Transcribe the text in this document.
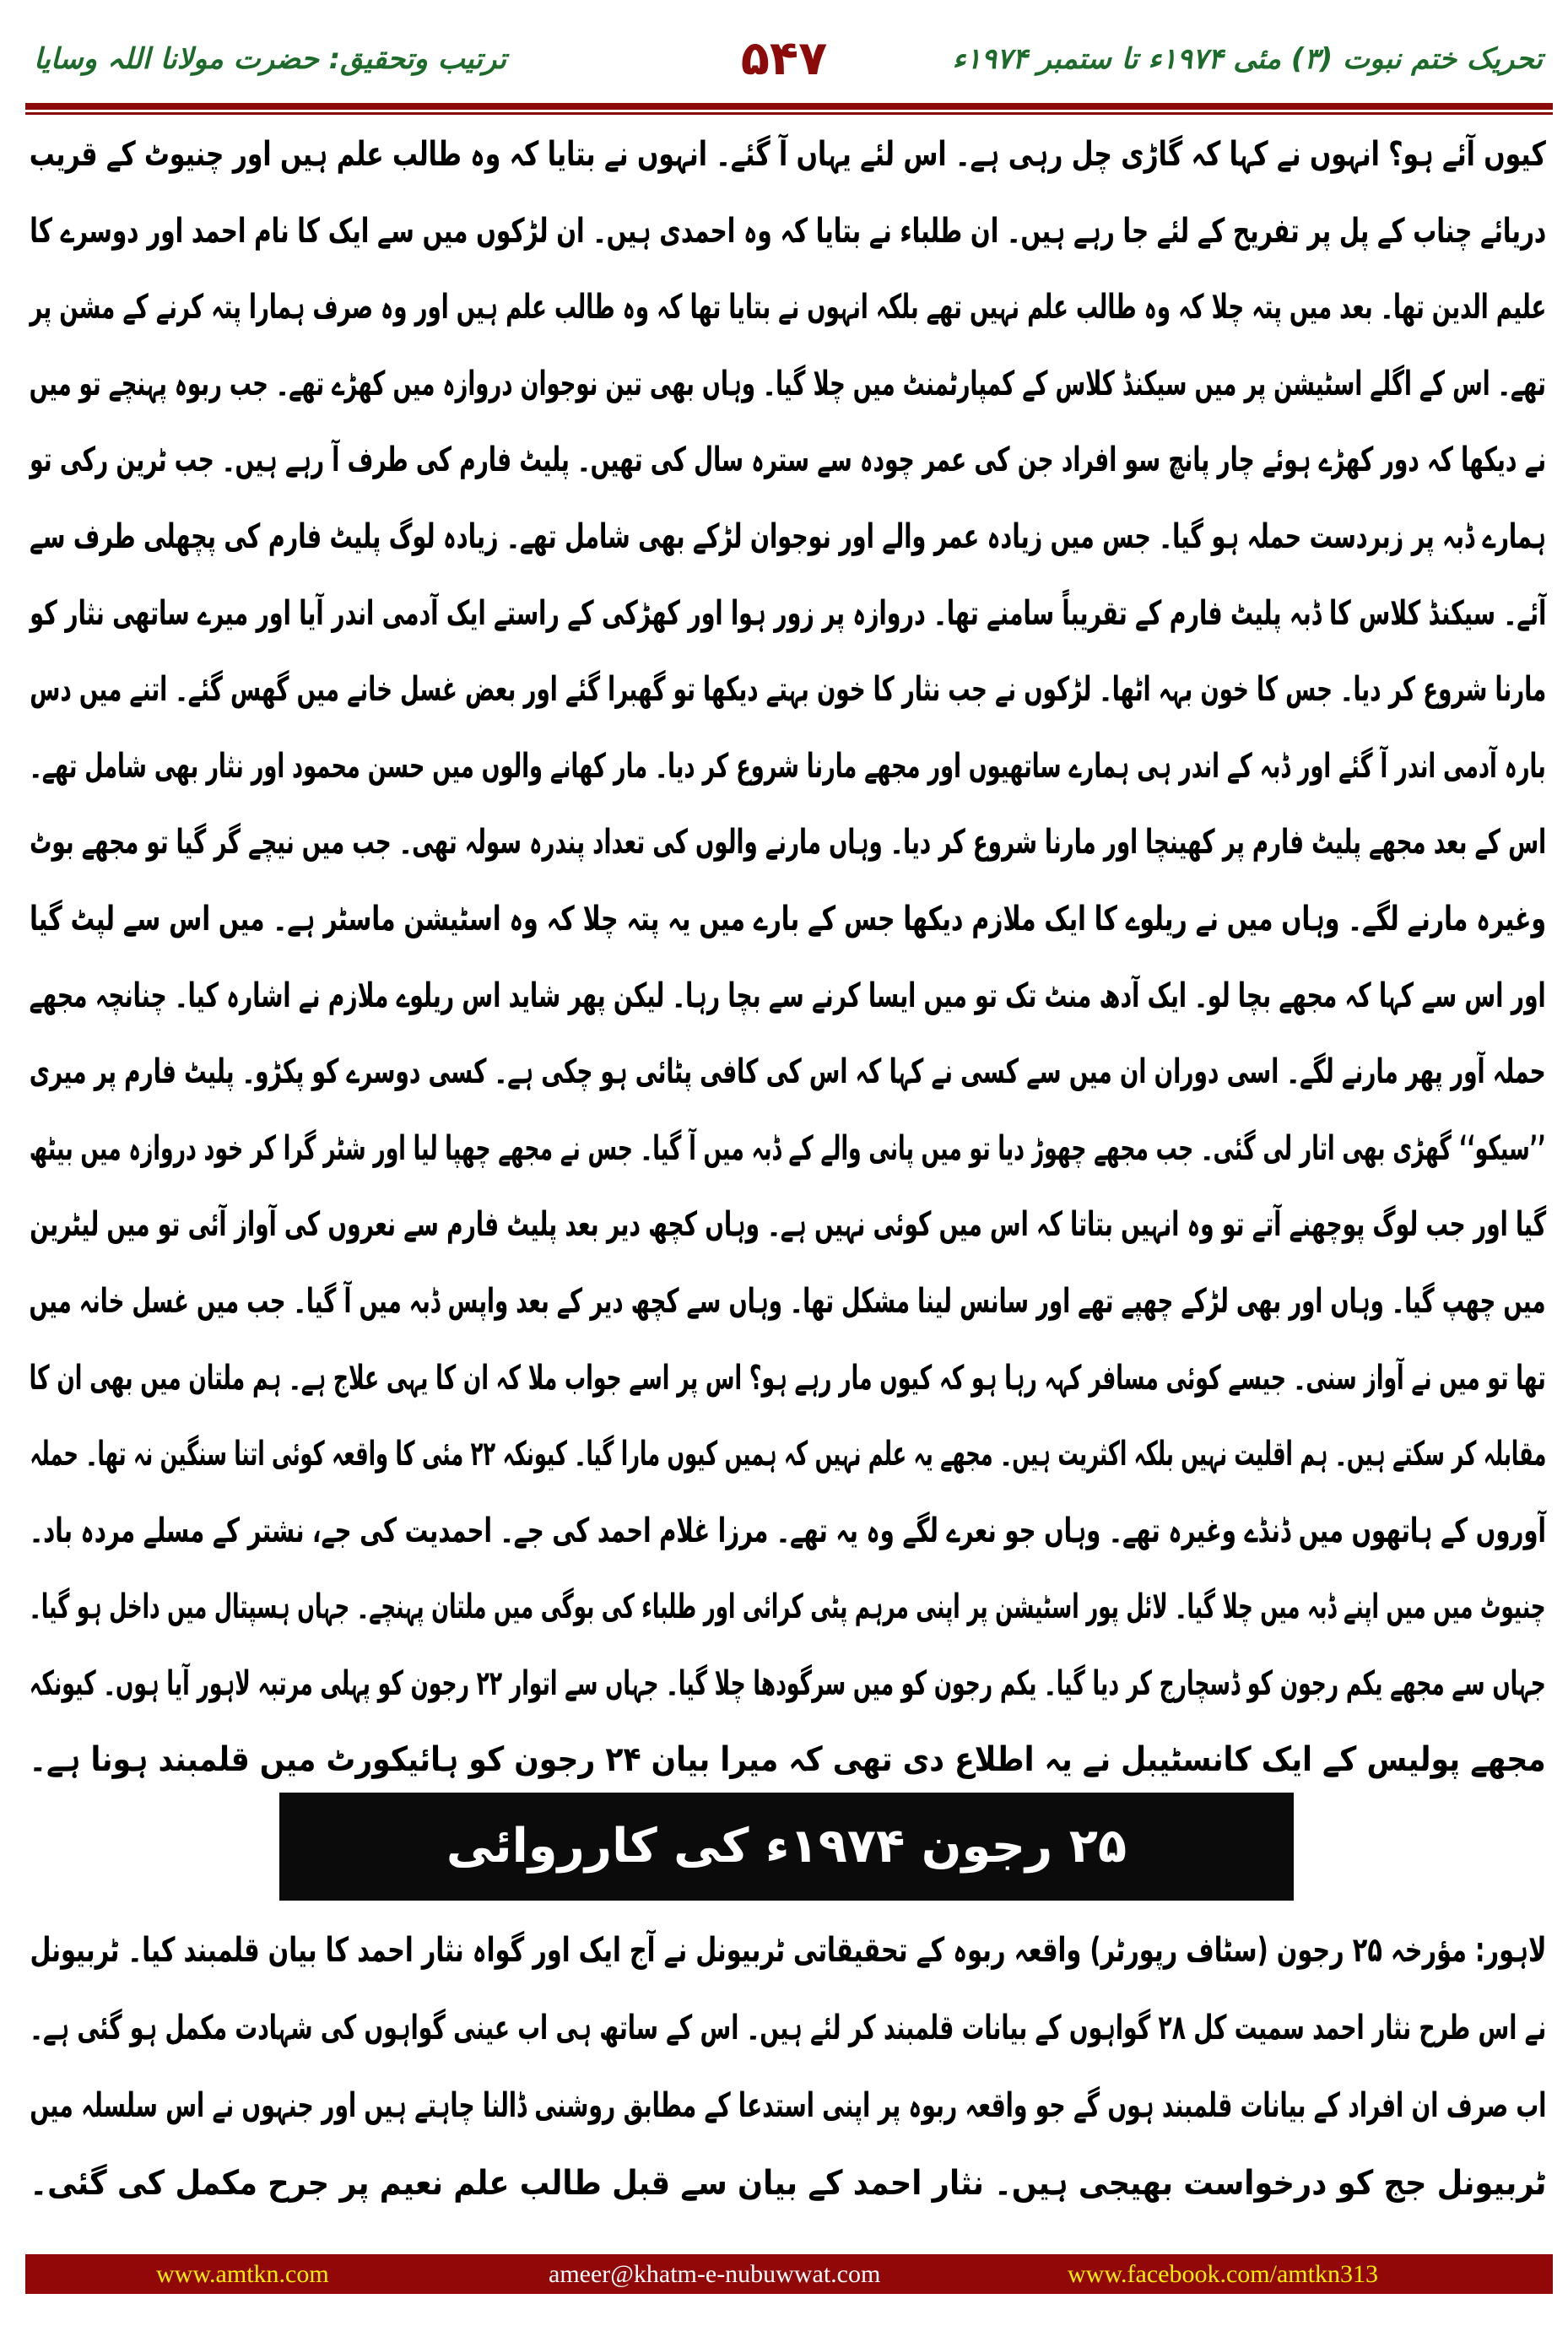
تحریک ختم نبوت (۳) مئی ۱۹۷۴ء تا ستمبر ۱۹۷۴ء
۵۴۷
ترتیب وتحقیق: حضرت مولانا اللہ وسایا
کیوں آئے ہو؟ انہوں نے کہا کہ گاڑی چل رہی ہے۔ اس لئے یہاں آ گئے۔ انہوں نے بتایا کہ وہ طالب علم ہیں اور چنیوٹ کے قریب
دریائے چناب کے پل پر تفریح کے لئے جا رہے ہیں۔ ان طلباء نے بتایا کہ وہ احمدی ہیں۔ ان لڑکوں میں سے ایک کا نام احمد اور دوسرے کا
علیم الدین تھا۔ بعد میں پتہ چلا کہ وہ طالب علم نہیں تھے بلکہ انہوں نے بتایا تھا کہ وہ طالب علم ہیں اور وہ صرف ہمارا پتہ کرنے کے مشن پر
تھے۔ اس کے اگلے اسٹیشن پر میں سیکنڈ کلاس کے کمپارٹمنٹ میں چلا گیا۔ وہاں بھی تین نوجوان دروازہ میں کھڑے تھے۔ جب ربوہ پہنچے تو میں
نے دیکھا کہ دور کھڑے ہوئے چار پانچ سو افراد جن کی عمر چودہ سے سترہ سال کی تھیں۔ پلیٹ فارم کی طرف آ رہے ہیں۔ جب ٹرین رکی تو
ہمارے ڈبہ پر زبردست حملہ ہو گیا۔ جس میں زیادہ عمر والے اور نوجوان لڑکے بھی شامل تھے۔ زیادہ لوگ پلیٹ فارم کی پچھلی طرف سے
آئے۔ سیکنڈ کلاس کا ڈبہ پلیٹ فارم کے تقریباً سامنے تھا۔ دروازہ پر زور ہوا اور کھڑکی کے راستے ایک آدمی اندر آیا اور میرے ساتھی نثار کو
مارنا شروع کر دیا۔ جس کا خون بہہ اٹھا۔ لڑکوں نے جب نثار کا خون بہتے دیکھا تو گھبرا گئے اور بعض غسل خانے میں گھس گئے۔ اتنے میں دس
بارہ آدمی اندر آ گئے اور ڈبہ کے اندر ہی ہمارے ساتھیوں اور مجھے مارنا شروع کر دیا۔ مار کھانے والوں میں حسن محمود اور نثار بھی شامل تھے۔
اس کے بعد مجھے پلیٹ فارم پر کھینچا اور مارنا شروع کر دیا۔ وہاں مارنے والوں کی تعداد پندرہ سولہ تھی۔ جب میں نیچے گر گیا تو مجھے بوٹ
وغیرہ مارنے لگے۔ وہاں میں نے ریلوے کا ایک ملازم دیکھا جس کے بارے میں یہ پتہ چلا کہ وہ اسٹیشن ماسٹر ہے۔ میں اس سے لپٹ گیا
اور اس سے کہا کہ مجھے بچا لو۔ ایک آدھ منٹ تک تو میں ایسا کرنے سے بچا رہا۔ لیکن پھر شاید اس ریلوے ملازم نے اشارہ کیا۔ چنانچہ مجھے
حملہ آور پھر مارنے لگے۔ اسی دوران ان میں سے کسی نے کہا کہ اس کی کافی پٹائی ہو چکی ہے۔ کسی دوسرے کو پکڑو۔ پلیٹ فارم پر میری
’’سیکو‘‘ گھڑی بھی اتار لی گئی۔ جب مجھے چھوڑ دیا تو میں پانی والے کے ڈبہ میں آ گیا۔ جس نے مجھے چھپا لیا اور شٹر گرا کر خود دروازہ میں بیٹھ
گیا اور جب لوگ پوچھنے آتے تو وہ انہیں بتاتا کہ اس میں کوئی نہیں ہے۔ وہاں کچھ دیر بعد پلیٹ فارم سے نعروں کی آواز آئی تو میں لیٹرین
میں چھپ گیا۔ وہاں اور بھی لڑکے چھپے تھے اور سانس لینا مشکل تھا۔ وہاں سے کچھ دیر کے بعد واپس ڈبہ میں آ گیا۔ جب میں غسل خانہ میں
تھا تو میں نے آواز سنی۔ جیسے کوئی مسافر کہہ رہا ہو کہ کیوں مار رہے ہو؟ اس پر اسے جواب ملا کہ ان کا یہی علاج ہے۔ ہم ملتان میں بھی ان کا
مقابلہ کر سکتے ہیں۔ ہم اقلیت نہیں بلکہ اکثریت ہیں۔ مجھے یہ علم نہیں کہ ہمیں کیوں مارا گیا۔ کیونکہ ۲۲ مئی کا واقعہ کوئی اتنا سنگین نہ تھا۔ حملہ
آوروں کے ہاتھوں میں ڈنڈے وغیرہ تھے۔ وہاں جو نعرے لگے وہ یہ تھے۔ مرزا غلام احمد کی جے۔ احمدیت کی جے، نشتر کے مسلے مردہ باد۔
چنیوٹ میں میں اپنے ڈبہ میں چلا گیا۔ لائل پور اسٹیشن پر اپنی مرہم پٹی کرائی اور طلباء کی بوگی میں ملتان پہنچے۔ جہاں ہسپتال میں داخل ہو گیا۔
جہاں سے مجھے یکم رجون کو ڈسچارج کر دیا گیا۔ یکم رجون کو میں سرگودھا چلا گیا۔ جہاں سے اتوار ۲۲ رجون کو پہلی مرتبہ لاہور آیا ہوں۔ کیونکہ
مجھے پولیس کے ایک کانسٹیبل نے یہ اطلاع دی تھی کہ میرا بیان ۲۴ رجون کو ہائیکورٹ میں قلمبند ہونا ہے۔
۲۵ رجون ۱۹۷۴ء کی کارروائی
لاہور: مؤرخہ ۲۵ رجون (سٹاف رپورٹر) واقعہ ربوہ کے تحقیقاتی ٹربیونل نے آج ایک اور گواہ نثار احمد کا بیان قلمبند کیا۔ ٹربیونل
نے اس طرح نثار احمد سمیت کل ۲۸ گواہوں کے بیانات قلمبند کر لئے ہیں۔ اس کے ساتھ ہی اب عینی گواہوں کی شہادت مکمل ہو گئی ہے۔
اب صرف ان افراد کے بیانات قلمبند ہوں گے جو واقعہ ربوہ پر اپنی استدعا کے مطابق روشنی ڈالنا چاہتے ہیں اور جنہوں نے اس سلسلہ میں
ٹربیونل جج کو درخواست بھیجی ہیں۔ نثار احمد کے بیان سے قبل طالب علم نعیم پر جرح مکمل کی گئی۔
www.amtkn.com	ameer@khatm-e-nubuwwat.com	www.facebook.com/amtkn313
